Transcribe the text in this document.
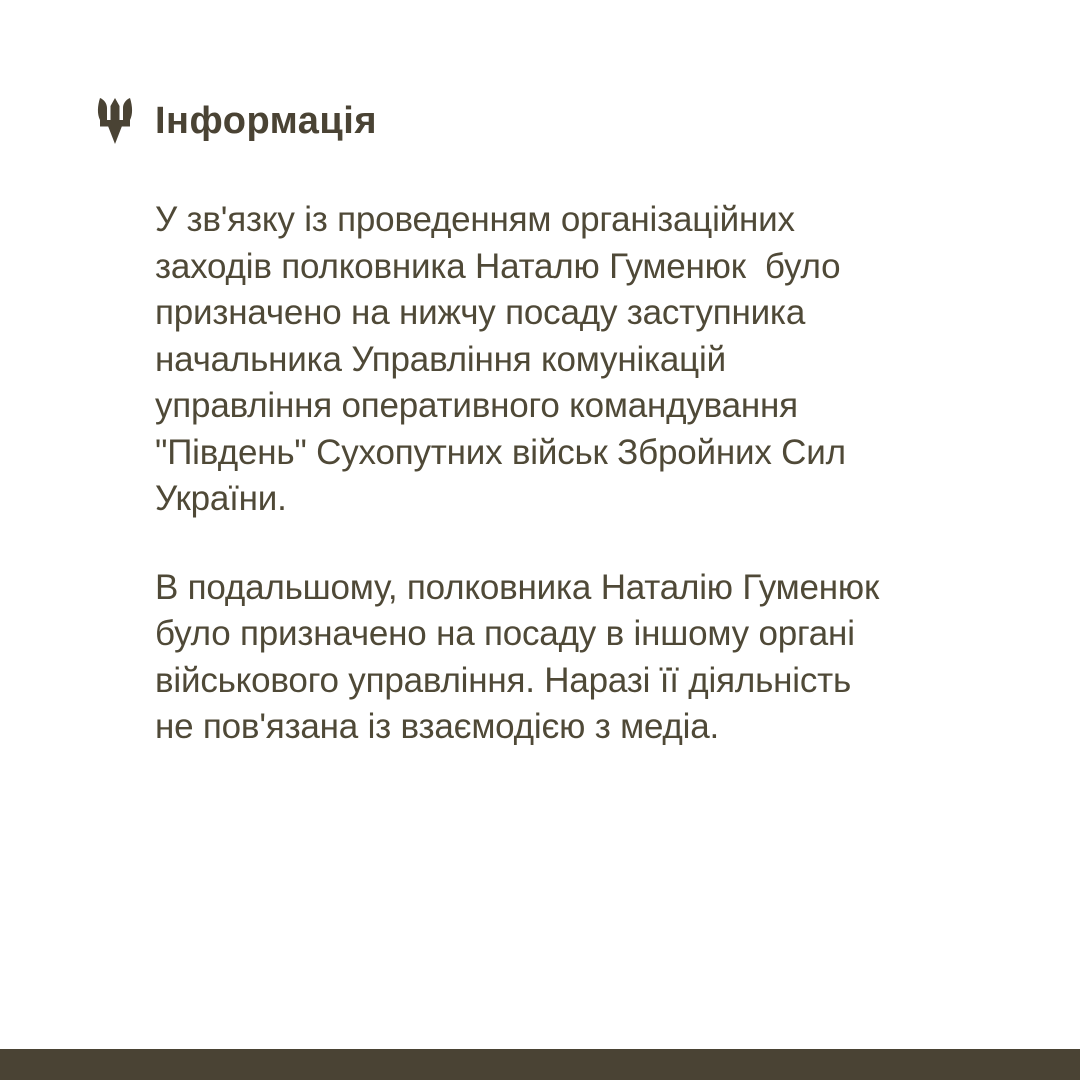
Інформація
У зв'язку із проведенням організаційних
заходів полковника Наталю Гуменюк  було
призначено на нижчу посаду заступника
начальника Управління комунікацій
управління оперативного командування
"Південь" Сухопутних військ Збройних Сил
України.
В подальшому, полковника Наталію Гуменюк
було призначено на посаду в іншому органі
військового управління. Наразі її діяльність
не пов'язана із взаємодією з медіа.
